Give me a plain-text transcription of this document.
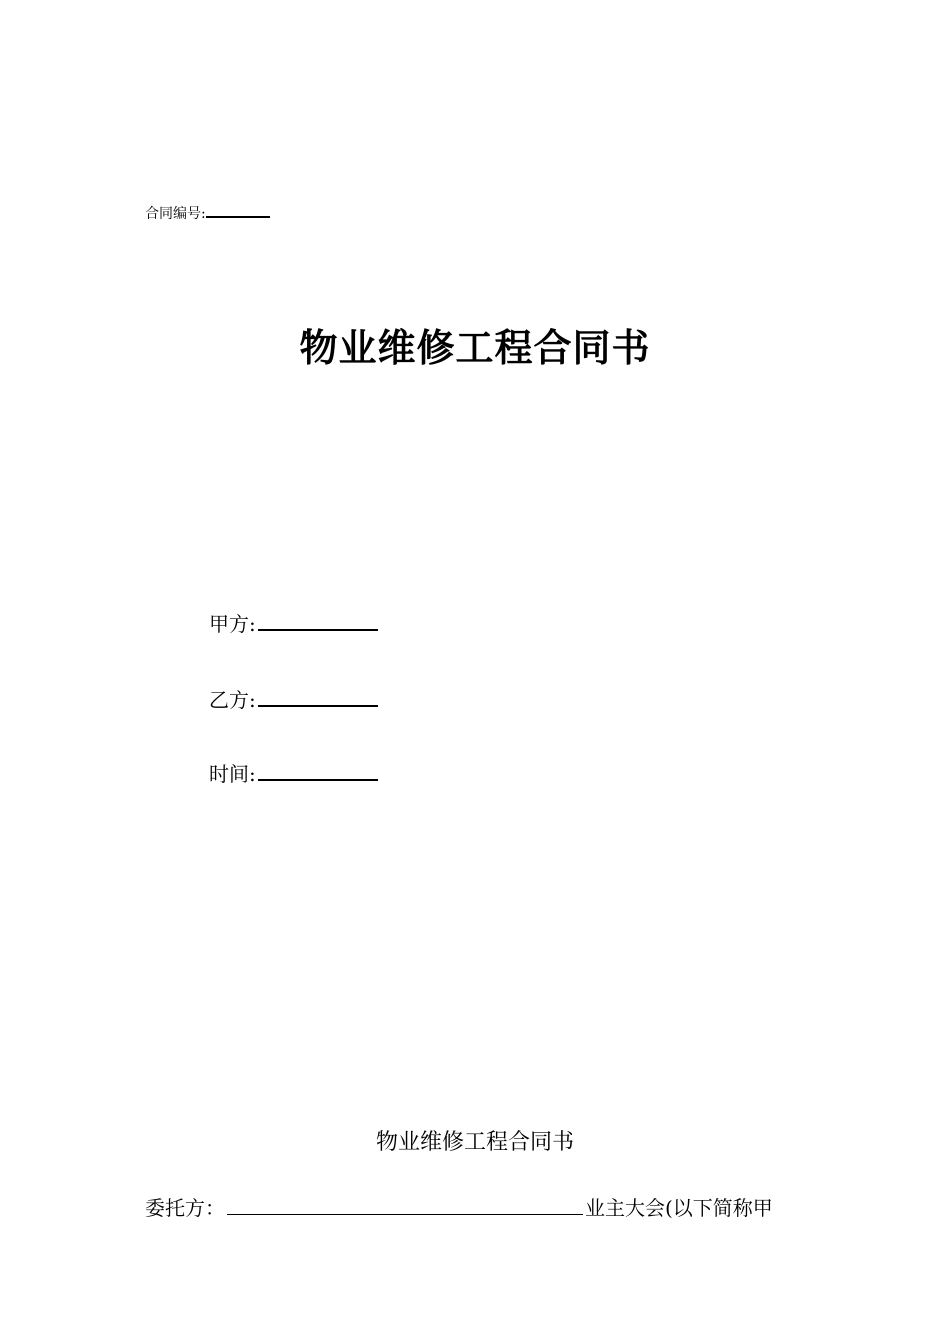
合同编号:
物业维修工程合同书
甲方:
乙方:
时间:
物业维修工程合同书
委托方：	业主大会(以下简称甲
